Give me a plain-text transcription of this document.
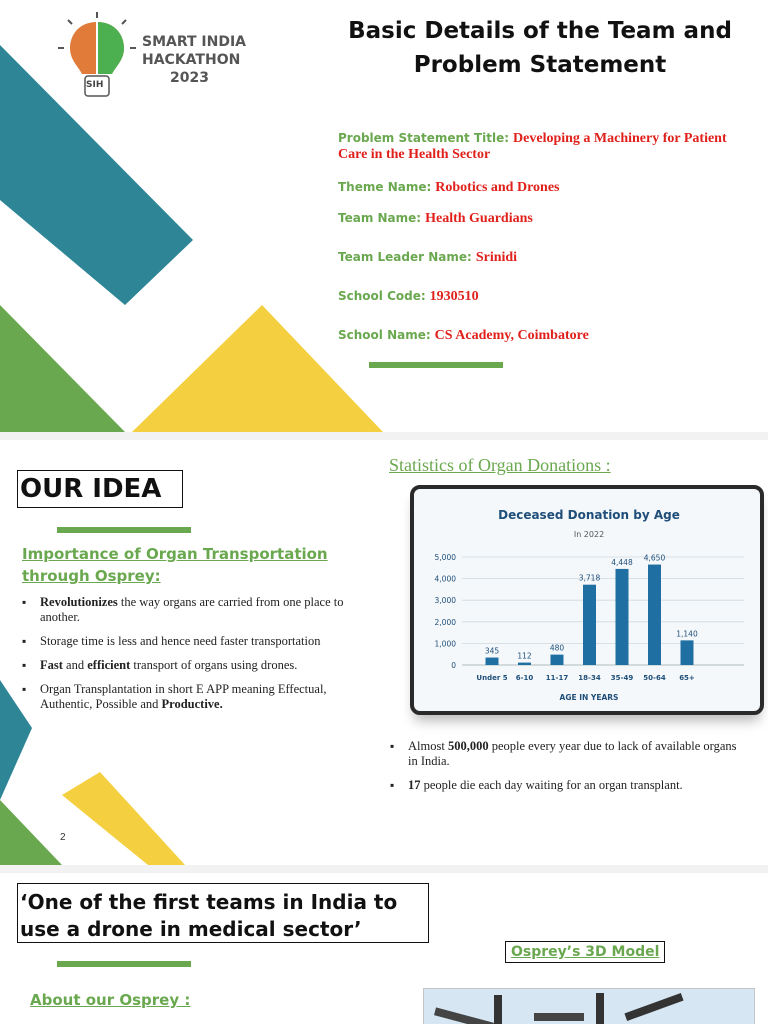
SIH
SMART INDIA
HACKATHON
2023
Basic Details of the Team and
Problem Statement
Problem Statement Title: Developing a Machinery for Patient
Care in the Health Sector
Theme Name: Robotics and Drones
Team Name: Health Guardians
Team Leader Name: Srinidi
School Code: 1930510
School Name: CS Academy, Coimbatore
OUR IDEA
Importance of Organ Transportation
through Osprey:
▪ Revolutionizes the way organs are carried from one place to another.
▪ Storage time is less and hence need faster transportation
▪ Fast and efficient transport of organs using drones.
▪ Organ Transplantation in short E APP meaning Effectual, Authentic, Possible and Productive.
2
Statistics of Organ Donations :
Deceased Donation by Age
In 2022
0
1,000
2,000
3,000
4,000
5,000
345
Under 5
112
6-10
480
11-17
3,718
18-34
4,448
35-49
4,650
50-64
1,140
65+
AGE IN YEARS
▪ Almost 500,000 people every year due to lack of available organs in India.
▪ 17 people die each day waiting for an organ transplant.
‘One of the first teams in India to
use a drone in medical sector’
Osprey’s 3D Model
About our Osprey :
